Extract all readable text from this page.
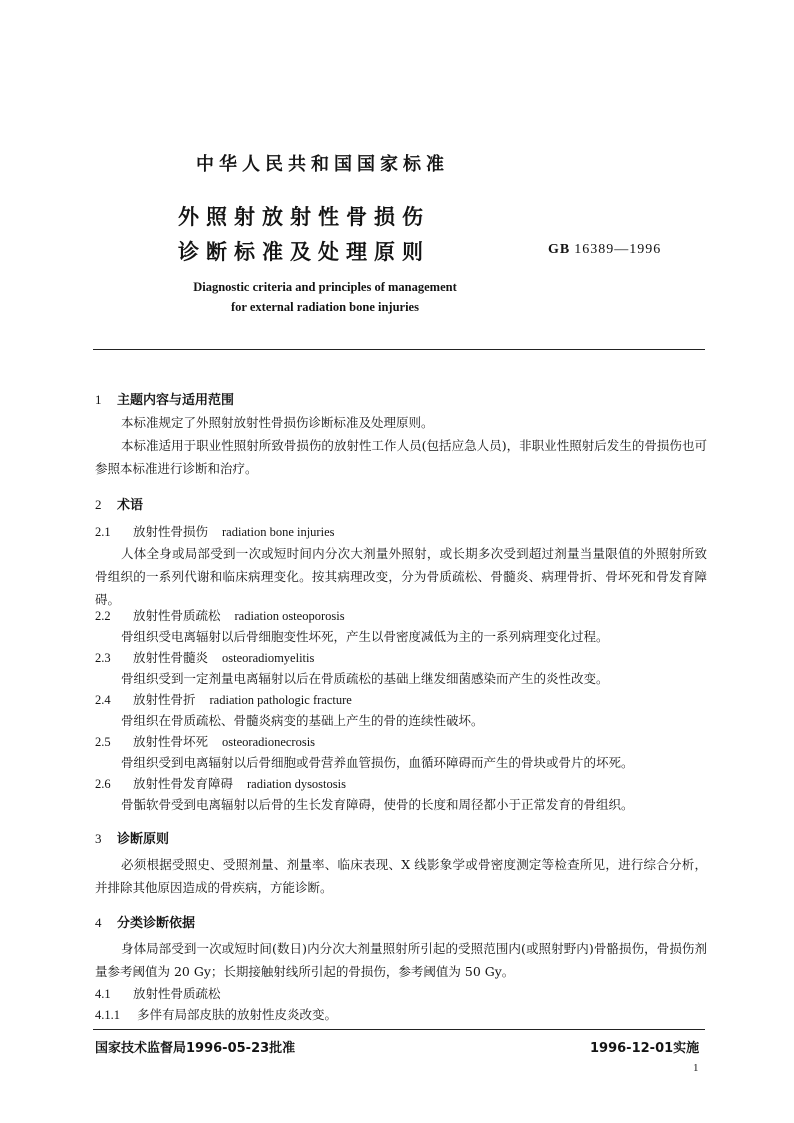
中华人民共和国国家标准
外照射放射性骨损伤
诊断标准及处理原则	GB 16389—1996
Diagnostic criteria and principles of management
for external radiation bone injuries
1 主题内容与适用范围
本标准规定了外照射放射性骨损伤诊断标准及处理原则。
本标准适用于职业性照射所致骨损伤的放射性工作人员(包括应急人员)，非职业性照射后发生的骨损伤也可参照本标准进行诊断和治疗。
2 术语
2.1 放射性骨损伤 radiation bone injuries
人体全身或局部受到一次或短时间内分次大剂量外照射，或长期多次受到超过剂量当量限值的外照射所致骨组织的一系列代谢和临床病理变化。按其病理改变，分为骨质疏松、骨髓炎、病理骨折、骨坏死和骨发育障碍。
2.2 放射性骨质疏松 radiation osteoporosis
骨组织受电离辐射以后骨细胞变性坏死，产生以骨密度减低为主的一系列病理变化过程。
2.3 放射性骨髓炎 osteoradiomyelitis
骨组织受到一定剂量电离辐射以后在骨质疏松的基础上继发细菌感染而产生的炎性改变。
2.4 放射性骨折 radiation pathologic fracture
骨组织在骨质疏松、骨髓炎病变的基础上产生的骨的连续性破坏。
2.5 放射性骨坏死 osteoradionecrosis
骨组织受到电离辐射以后骨细胞或骨营养血管损伤，血循环障碍而产生的骨块或骨片的坏死。
2.6 放射性骨发育障碍 radiation dysostosis
骨骺软骨受到电离辐射以后骨的生长发育障碍，使骨的长度和周径都小于正常发育的骨组织。
3 诊断原则
必须根据受照史、受照剂量、剂量率、临床表现、X 线影象学或骨密度测定等检查所见，进行综合分析，并排除其他原因造成的骨疾病，方能诊断。
4 分类诊断依据
身体局部受到一次或短时间(数日)内分次大剂量照射所引起的受照范围内(或照射野内)骨骼损伤，骨损伤剂量参考阈值为 20 Gy；长期接触射线所引起的骨损伤，参考阈值为 50 Gy。
4.1 放射性骨质疏松
4.1.1 多伴有局部皮肤的放射性皮炎改变。
国家技术监督局1996-05-23批准	1996-12-01实施
1
